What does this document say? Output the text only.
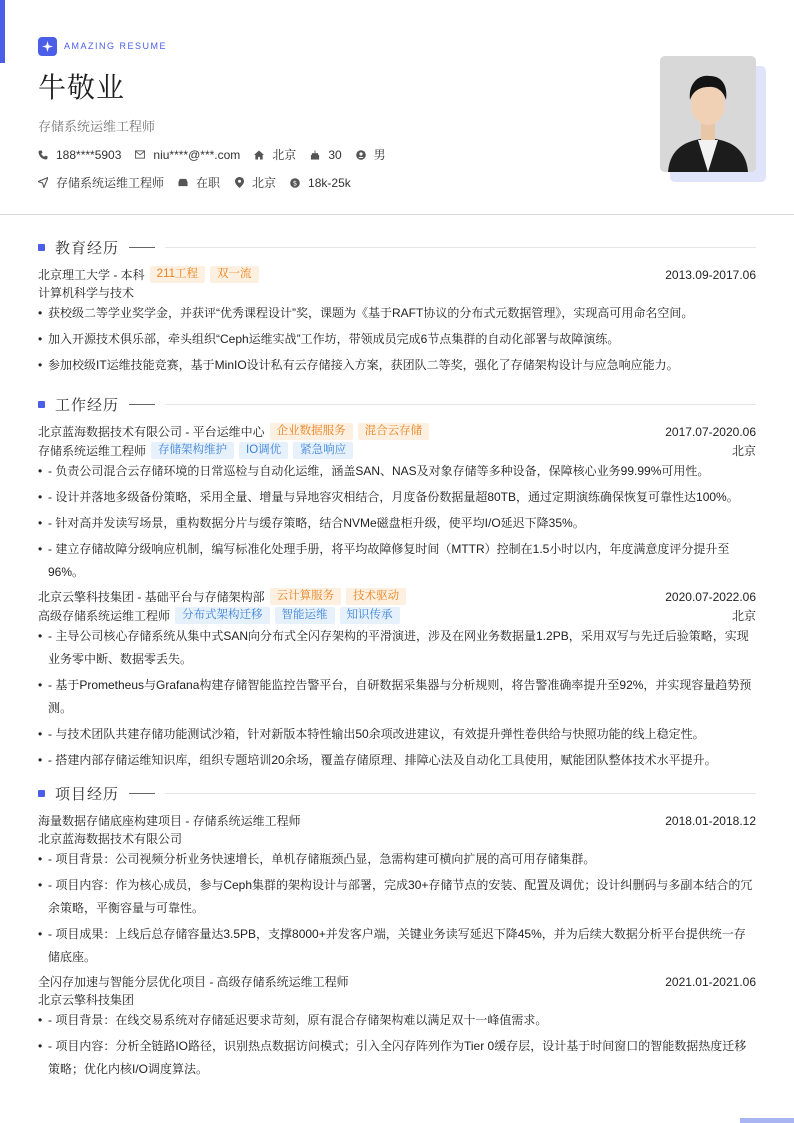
AMAZING RESUME
牛敬业
存储系统运维工程师
188****5903	niu****@***.com	北京	30	男
存储系统运维工程师	在职	北京 $ 18k-25k
教育经历
北京理工大学 - 本科	211工程	双一流	2013.09-2017.06
计算机科学与技术
• 获校级二等学业奖学金，并获评“优秀课程设计”奖，课题为《基于RAFT协议的分布式元数据管理》，实现高可用命名空间。
• 加入开源技术俱乐部，牵头组织“Ceph运维实战”工作坊，带领成员完成6节点集群的自动化部署与故障演练。
• 参加校级IT运维技能竞赛，基于MinIO设计私有云存储接入方案，获团队二等奖，强化了存储架构设计与应急响应能力。
工作经历
北京蓝海数据技术有限公司 - 平台运维中心	企业数据服务	混合云存储	2017.07-2020.06
存储系统运维工程师	存储架构维护	IO调优	紧急响应	北京
• - 负责公司混合云存储环境的日常巡检与自动化运维，涵盖SAN、NAS及对象存储等多种设备，保障核心业务99.99%可用性。
• - 设计并落地多级备份策略，采用全量、增量与异地容灾相结合，月度备份数据量超80TB，通过定期演练确保恢复可靠性达100%。
• - 针对高并发读写场景，重构数据分片与缓存策略，结合NVMe磁盘柜升级，使平均I/O延迟下降35%。
• - 建立存储故障分级响应机制，编写标准化处理手册，将平均故障修复时间（MTTR）控制在1.5小时以内，年度满意度评分提升至96%。
北京云擎科技集团 - 基础平台与存储架构部	云计算服务	技术驱动	2020.07-2022.06
高级存储系统运维工程师	分布式架构迁移	智能运维	知识传承	北京
• - 主导公司核心存储系统从集中式SAN向分布式全闪存架构的平滑演进，涉及在网业务数据量1.2PB，采用双写与先迁后验策略，实现业务零中断、数据零丢失。
• - 基于Prometheus与Grafana构建存储智能监控告警平台，自研数据采集器与分析规则，将告警准确率提升至92%，并实现容量趋势预测。
• - 与技术团队共建存储功能测试沙箱，针对新版本特性输出50余项改进建议，有效提升弹性卷供给与快照功能的线上稳定性。
• - 搭建内部存储运维知识库，组织专题培训20余场，覆盖存储原理、排障心法及自动化工具使用，赋能团队整体技术水平提升。
项目经历
海量数据存储底座构建项目 - 存储系统运维工程师	2018.01-2018.12
北京蓝海数据技术有限公司
• - 项目背景：公司视频分析业务快速增长，单机存储瓶颈凸显，急需构建可横向扩展的高可用存储集群。
• - 项目内容：作为核心成员，参与Ceph集群的架构设计与部署，完成30+存储节点的安装、配置及调优；设计纠删码与多副本结合的冗余策略，平衡容量与可靠性。
• - 项目成果：上线后总存储容量达3.5PB，支撑8000+并发客户端，关键业务读写延迟下降45%，并为后续大数据分析平台提供统一存储底座。
全闪存加速与智能分层优化项目 - 高级存储系统运维工程师	2021.01-2021.06
北京云擎科技集团
• - 项目背景：在线交易系统对存储延迟要求苛刻，原有混合存储架构难以满足双十一峰值需求。
• - 项目内容：分析全链路IO路径，识别热点数据访问模式；引入全闪存阵列作为Tier 0缓存层，设计基于时间窗口的智能数据热度迁移策略；优化内核I/O调度算法。
